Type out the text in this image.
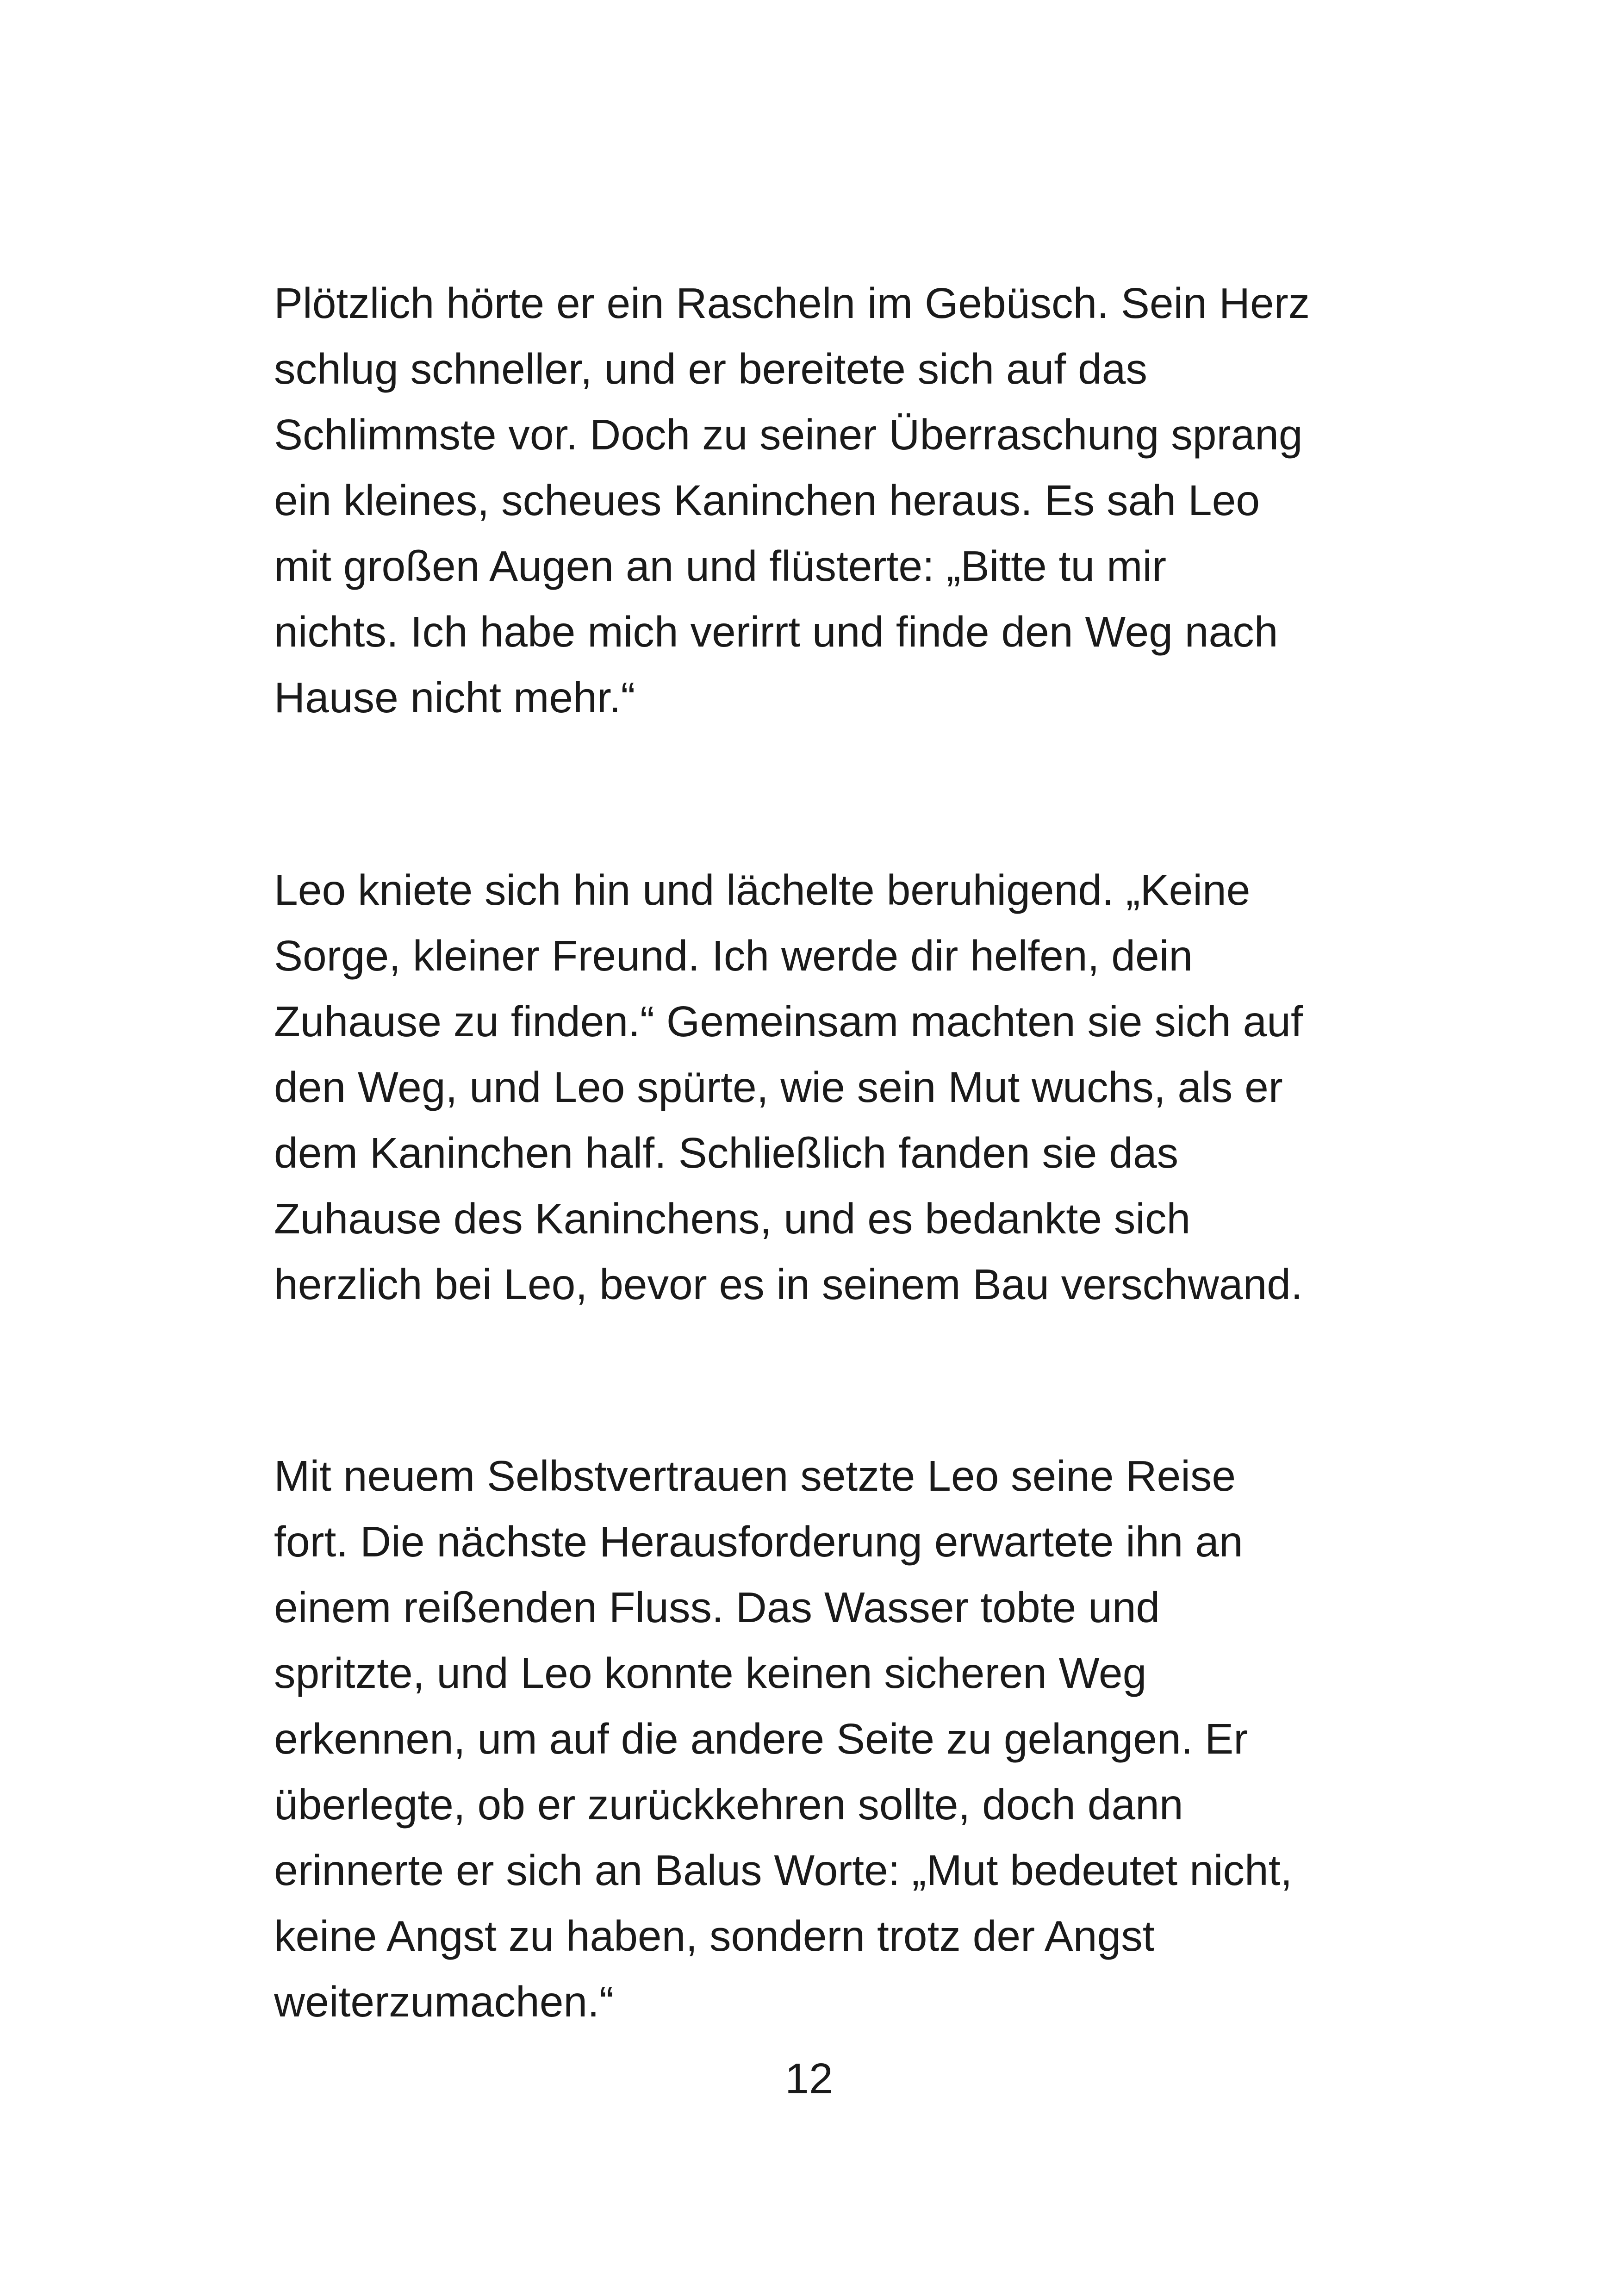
Plötzlich hörte er ein Rascheln im Gebüsch. Sein Herz
schlug schneller, und er bereitete sich auf das
Schlimmste vor. Doch zu seiner Überraschung sprang
ein kleines, scheues Kaninchen heraus. Es sah Leo
mit großen Augen an und flüsterte: „Bitte tu mir
nichts. Ich habe mich verirrt und finde den Weg nach
Hause nicht mehr.“
Leo kniete sich hin und lächelte beruhigend. „Keine
Sorge, kleiner Freund. Ich werde dir helfen, dein
Zuhause zu finden.“ Gemeinsam machten sie sich auf
den Weg, und Leo spürte, wie sein Mut wuchs, als er
dem Kaninchen half. Schließlich fanden sie das
Zuhause des Kaninchens, und es bedankte sich
herzlich bei Leo, bevor es in seinem Bau verschwand.
Mit neuem Selbstvertrauen setzte Leo seine Reise
fort. Die nächste Herausforderung erwartete ihn an
einem reißenden Fluss. Das Wasser tobte und
spritzte, und Leo konnte keinen sicheren Weg
erkennen, um auf die andere Seite zu gelangen. Er
überlegte, ob er zurückkehren sollte, doch dann
erinnerte er sich an Balus Worte: „Mut bedeutet nicht,
keine Angst zu haben, sondern trotz der Angst
weiterzumachen.“
12
